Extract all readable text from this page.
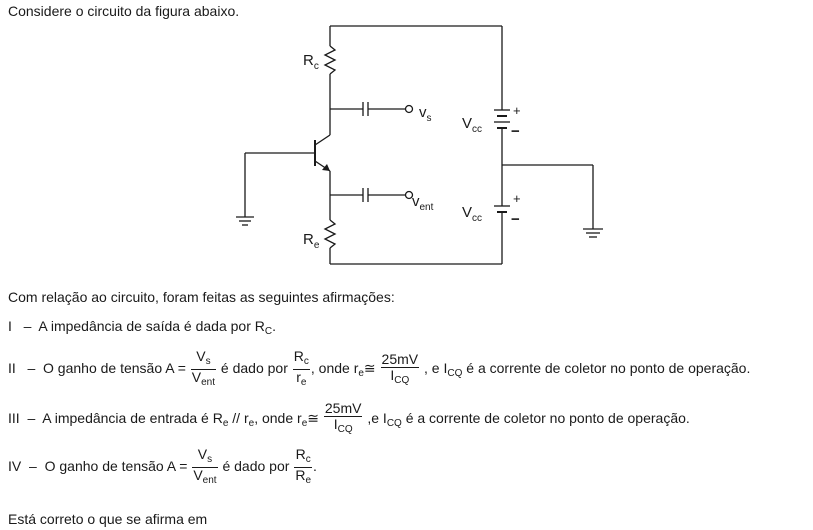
Considere o circuito da figura abaixo.
$R_c$
$R_e$
$v_s$
$v_{ent}$
$V_{cc}$
$V_{cc}$
+
−
+
−
Com relação ao circuito, foram feitas as seguintes afirmações:
I – A impedância de saída é dada por $R_C$.
II – O ganho de tensão $A = \frac{V_s}{V_{ent}}$ é dado por $\frac{R_c}{r_e}$ , onde $r_e≅ \frac{25mV}{I_{CQ}}$ , e $I_{CQ}$ é a corrente de coletor no ponto de operação.
III – A impedância de entrada é $R_e // r_e$, onde $r_e≅ \frac{25mV}{I_{CQ}} ,e$ $I_{CQ}$ é a corrente de coletor no ponto de operação.
IV – O ganho de tensão $A = \frac{V_s}{V_{ent}}$ é dado por $\frac{R_c}{R_e}$ .
Está correto o que se afirma em
